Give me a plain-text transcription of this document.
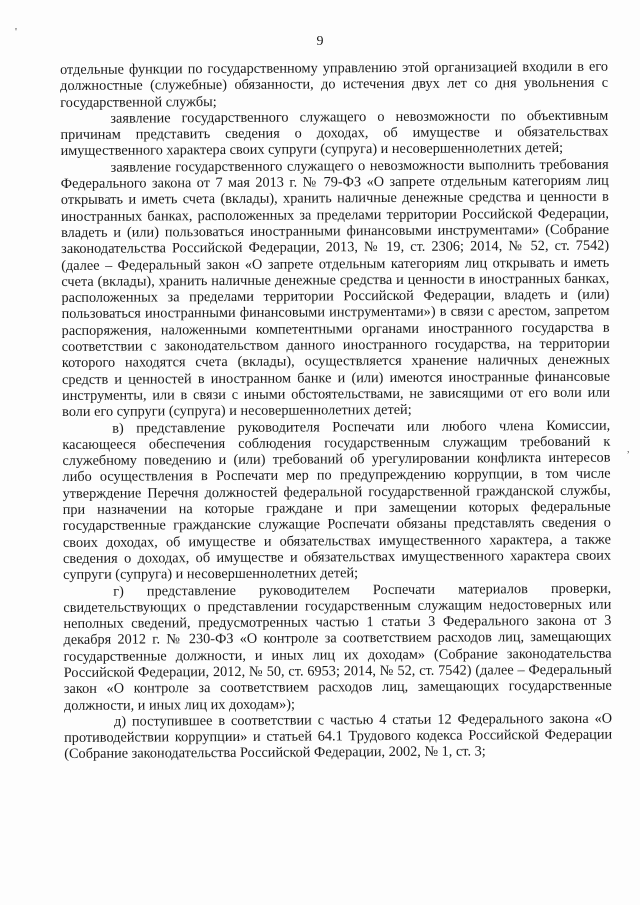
'
9
,

отдельные функции по государственному управлению этой организацией входили в его должностные (служебные) обязанности, до истечения двух лет со дня увольнения с государственной службы;

заявление государственного служащего о невозможности по объективным причинам представить сведения о доходах, об имуществе и обязательствах имущественного характера своих супруги (супруга) и несовершеннолетних детей;

заявление государственного служащего о невозможности выполнить требования Федерального закона от 7 мая 2013 г. № 79-ФЗ «О запрете отдельным категориям лиц открывать и иметь счета (вклады), хранить наличные денежные средства и ценности в иностранных банках, расположенных за пределами территории Российской Федерации, владеть и (или) пользоваться иностранными финансовыми инструментами» (Собрание законодательства Российской Федерации, 2013, № 19, ст. 2306; 2014, № 52, ст. 7542) (далее – Федеральный закон «О запрете отдельным категориям лиц открывать и иметь счета (вклады), хранить наличные денежные средства и ценности в иностранных банках, расположенных за пределами территории Российской Федерации, владеть и (или) пользоваться иностранными финансовыми инструментами») в связи с арестом, запретом распоряжения, наложенными компетентными органами иностранного государства в соответствии с законодательством данного иностранного государства, на территории которого находятся счета (вклады), осуществляется хранение наличных денежных средств и ценностей в иностранном банке и (или) имеются иностранные финансовые инструменты, или в связи с иными обстоятельствами, не зависящими от его воли или воли его супруги (супруга) и несовершеннолетних детей;

в) представление руководителя Роспечати или любого члена Комиссии, касающееся обеспечения соблюдения государственным служащим требований к служебному поведению и (или) требований об урегулировании конфликта интересов либо осуществления в Роспечати мер по предупреждению коррупции, в том числе утверждение Перечня должностей федеральной государственной гражданской службы, при назначении на которые граждане и при замещении которых федеральные государственные гражданские служащие Роспечати обязаны представлять сведения о своих доходах, об имуществе и обязательствах имущественного характера, а также сведения о доходах, об имуществе и обязательствах имущественного характера своих супруги (супруга) и несовершеннолетних детей;

г) представление руководителем Роспечати материалов проверки, свидетельствующих о представлении государственным служащим недостоверных или неполных сведений, предусмотренных частью 1 статьи 3 Федерального закона от 3 декабря 2012 г. № 230-ФЗ «О контроле за соответствием расходов лиц, замещающих государственные должности, и иных лиц их доходам» (Собрание законодательства Российской Федерации, 2012, № 50, ст. 6953; 2014, № 52, ст. 7542) (далее – Федеральный закон «О контроле за соответствием расходов лиц, замещающих государственные должности, и иных лиц их доходам»);

д) поступившее в соответствии с частью 4 статьи 12 Федерального закона «О противодействии коррупции» и статьей 64.1 Трудового кодекса Российской Федерации (Собрание законодательства Российской Федерации, 2002, № 1, ст. 3;
